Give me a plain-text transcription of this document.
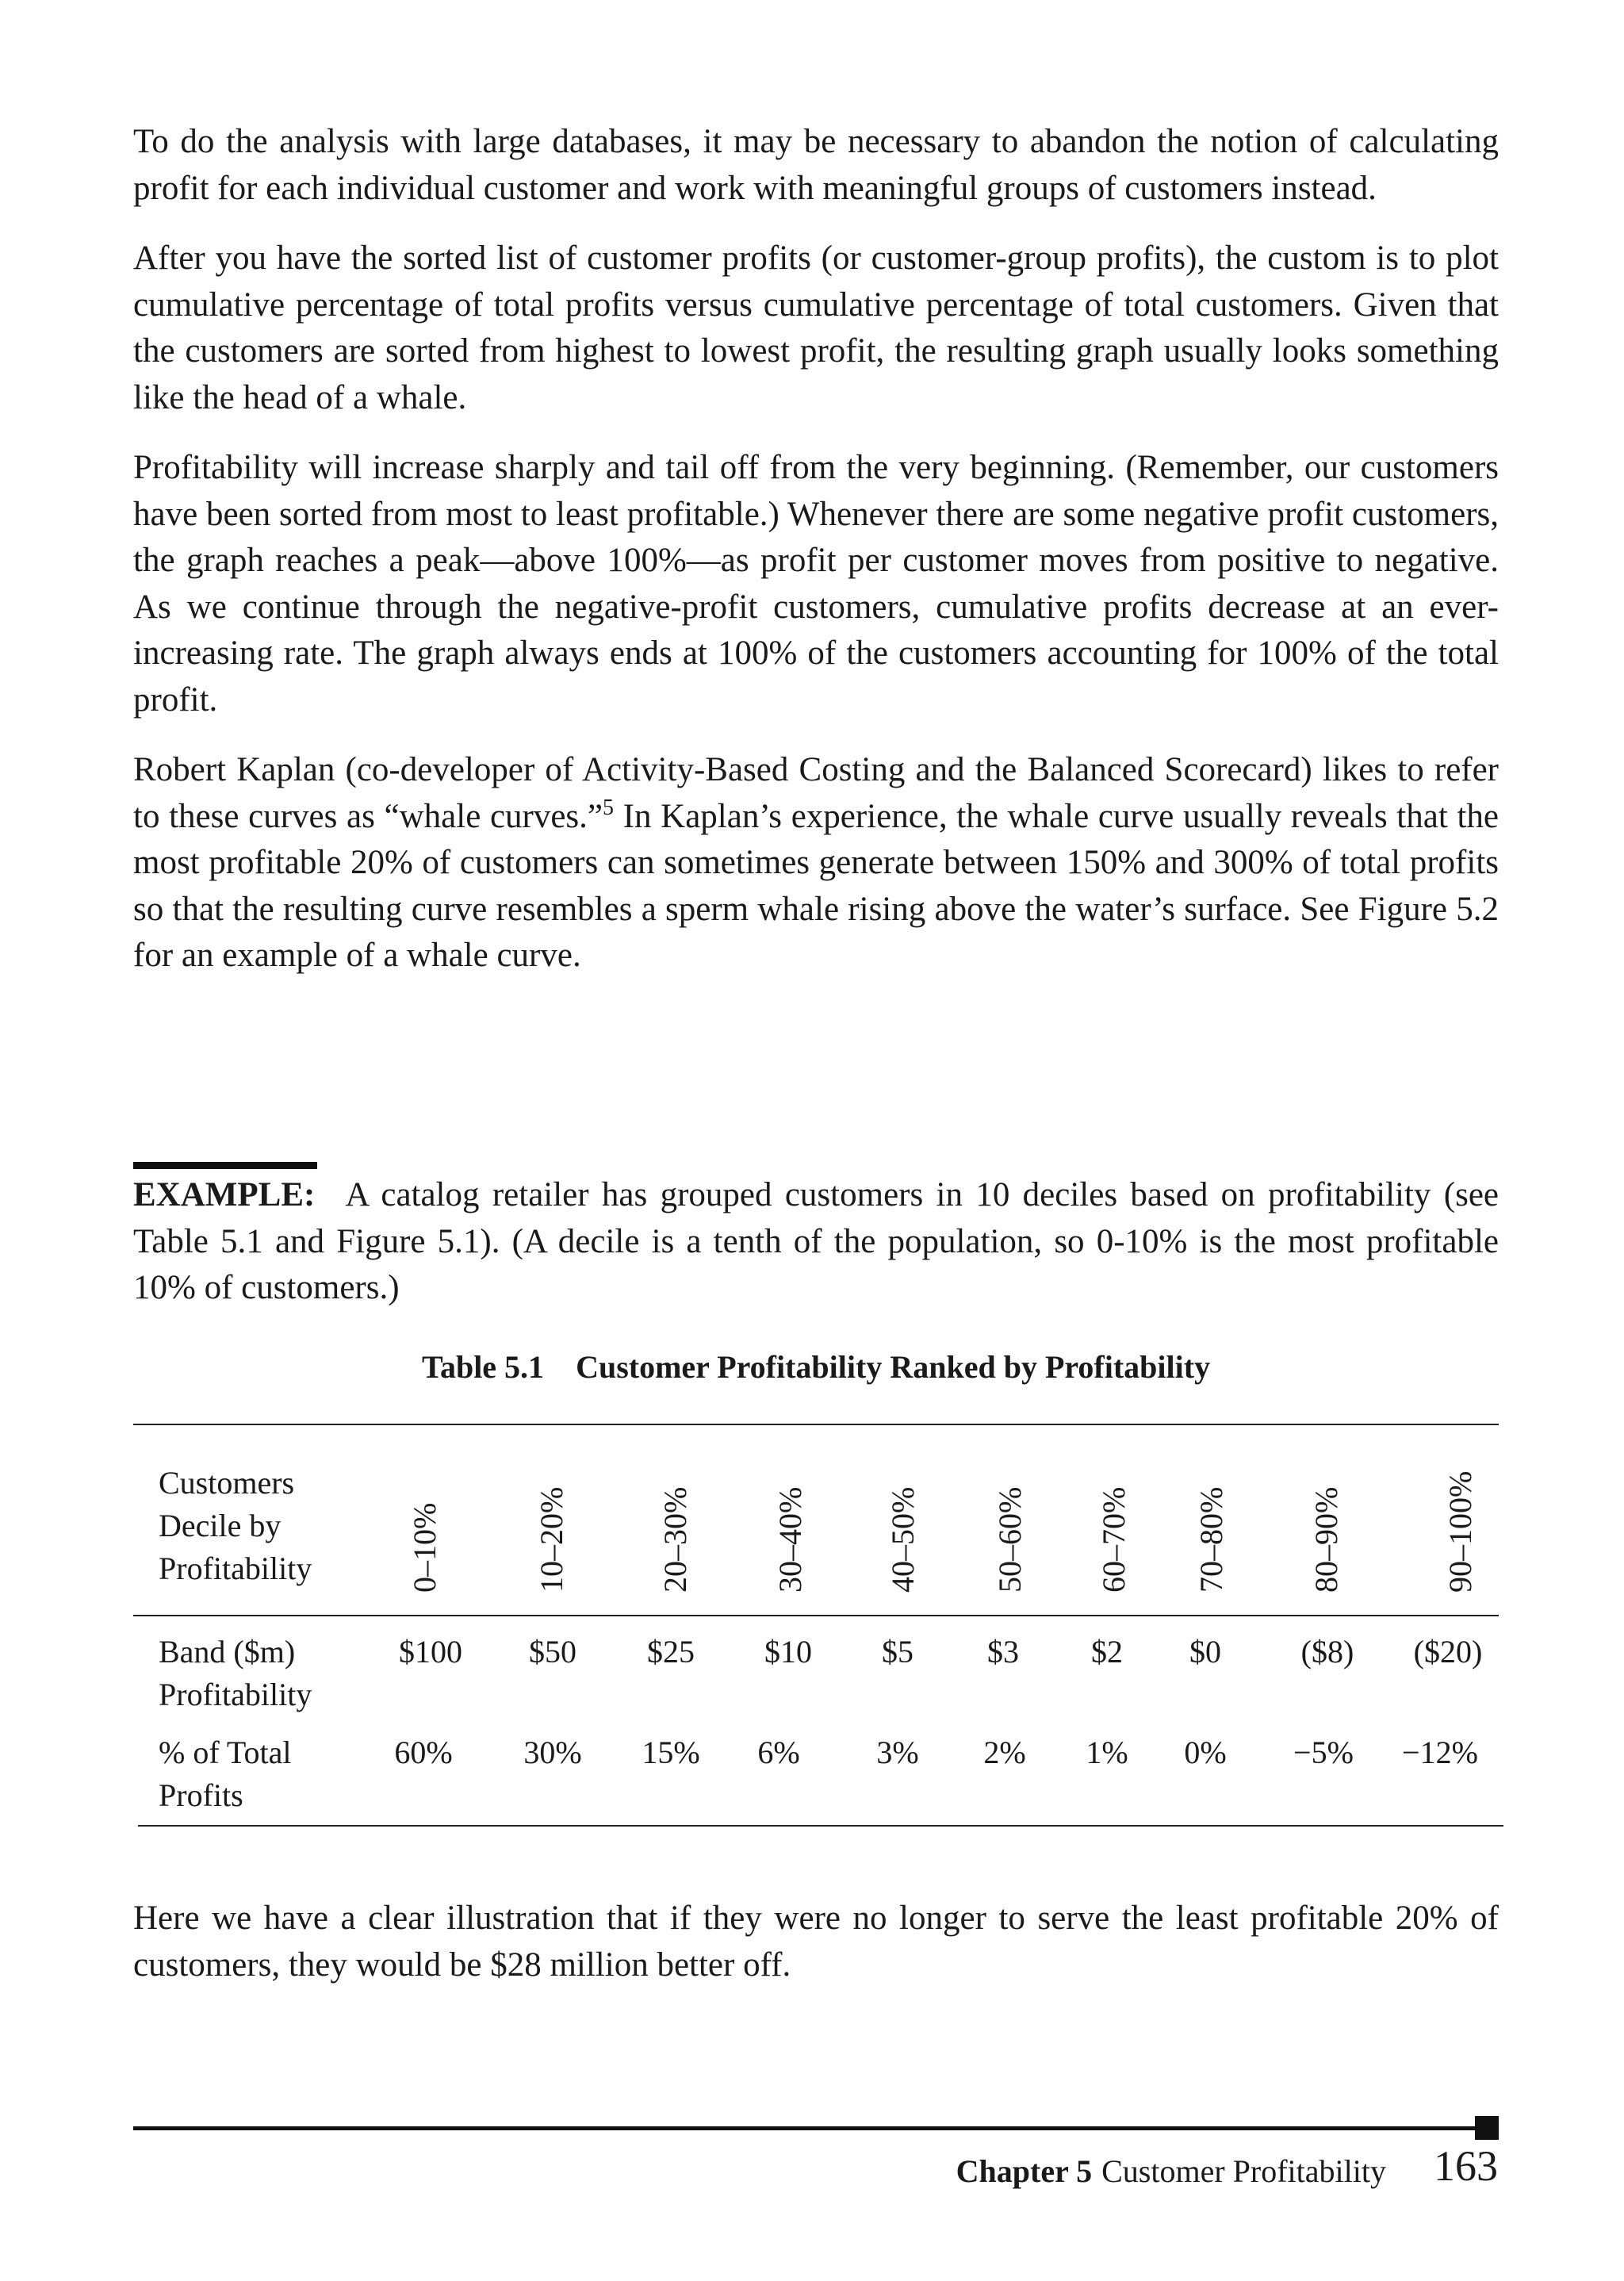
To do the analysis with large databases, it may be necessary to abandon the notion of calculating profit for each individual customer and work with meaningful groups of customers instead.

After you have the sorted list of customer profits (or customer-group profits), the custom is to plot cumulative percentage of total profits versus cumulative percentage of total customers. Given that the customers are sorted from highest to lowest profit, the resulting graph usually looks something like the head of a whale.

Profitability will increase sharply and tail off from the very beginning. (Remember, our customers have been sorted from most to least profitable.) Whenever there are some negative profit customers, the graph reaches a peak—above 100%—as profit per customer moves from positive to negative. As we continue through the negative-profit customers, cumulative profits decrease at an ever-increasing rate. The graph always ends at 100% of the customers accounting for 100% of the total profit.

Robert Kaplan (co-developer of Activity-Based Costing and the Balanced Scorecard) likes to refer to these curves as “whale curves.”$^5$ In Kaplan’s experience, the whale curve usually reveals that the most profitable 20% of customers can sometimes generate between 150% and 300% of total profits so that the resulting curve resembles a sperm whale rising above the water’s surface. See Figure 5.2 for an example of a whale curve.

EXAMPLE: A catalog retailer has grouped customers in 10 deciles based on profitability (see Table 5.1 and Figure 5.1). (A decile is a tenth of the population, so 0-10% is the most profitable 10% of customers.)
Table 5.1 Customer Profitability Ranked by Profitability
Customers
Decile by
Profitability	0–10%	10–20%	20–30%	30–40% 40–50% 50–60% 60–70% 70–80%	80–90%	90–100%
Band ($m)
Profitability
$100 $50 $25 $10 $5 $3 $2 $0	($8) ($20)
% of Total
Profits
60% 30% 15% 6% 3% 2% 1% 0% −5% −12%
Here we have a clear illustration that if they were no longer to serve the least profitable 20% of customers, they would be $28 million better off.
Chapter 5 Customer Profitability 163
